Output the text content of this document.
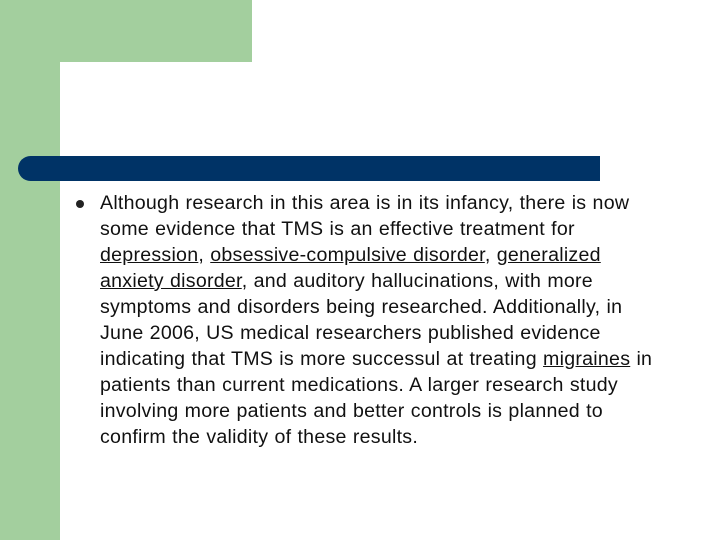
Although research in this area is in its infancy, there is now some evidence that TMS is an effective treatment for depression, obsessive-compulsive disorder, generalized anxiety disorder, and auditory hallucinations, with more symptoms and disorders being researched. Additionally, in June 2006, US medical researchers published evidence indicating that TMS is more successul at treating migraines in patients than current medications. A larger research study involving more patients and better controls is planned to confirm the validity of these results.
